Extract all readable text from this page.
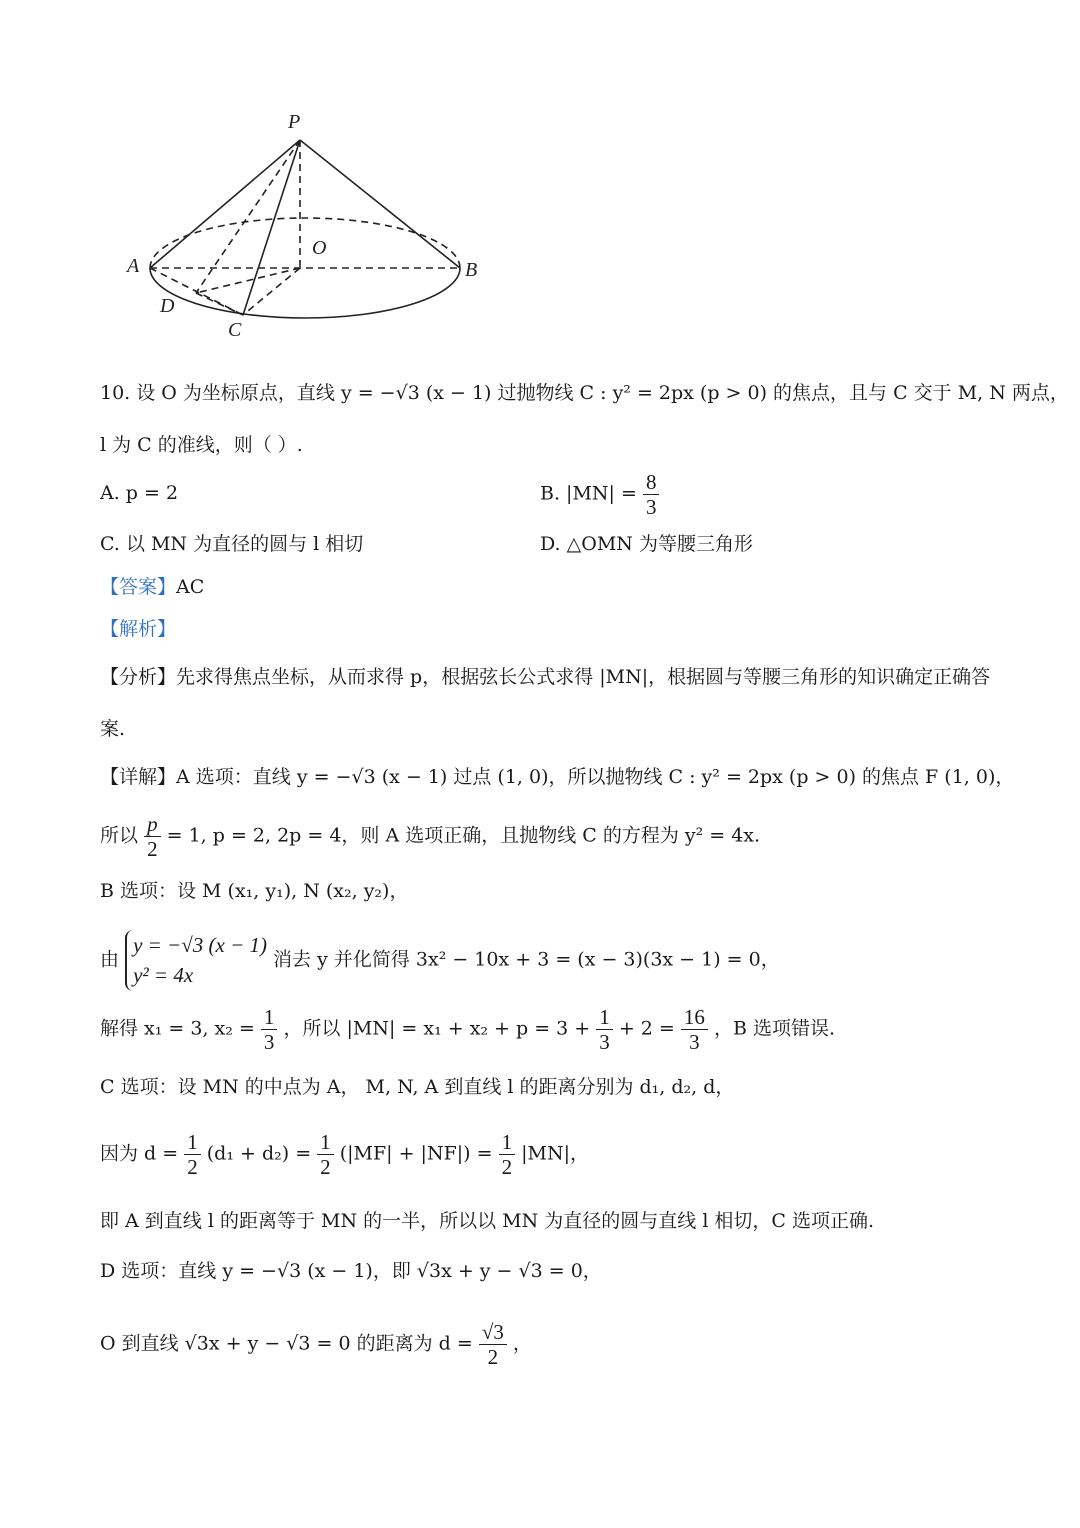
P
O
A	B
D
C
10. 设 O 为坐标原点，直线 y = −√3 (x − 1) 过抛物线 C : y² = 2px (p > 0) 的焦点，且与 C 交于 M, N 两点，
l 为 C 的准线，则（ ）.
A. p = 2	B. $|MN| = \frac{8}{3}$
C. 以 MN 为直径的圆与 l 相切	D. △OMN 为等腰三角形
【答案】AC
【解析】
【分析】先求得焦点坐标，从而求得 p，根据弦长公式求得 |MN|，根据圆与等腰三角形的知识确定正确答
案.
【详解】A 选项：直线 y = −√3 (x − 1) 过点 (1, 0)，所以抛物线 C : y² = 2px (p > 0) 的焦点 F (1, 0)，
所以 $\frac{p}{2} = 1$, p = 2, 2p = 4，则 A 选项正确，且抛物线 C 的方程为 y² = 4x.
B 选项：设 M (x₁, y₁), N (x₂, y₂)，
由
y = −√3 (x − 1)
y² = 4x
消去 y 并化简得 3x² − 10x + 3 = (x − 3)(3x − 1) = 0，
解得 x₁ = 3, $x_2 = \frac{1}{3}$ ，所以 $|MN| = x_1 + x_2 + p = 3 + \frac{1}{3} + 2 = \frac{16}{3}$ ，B 选项错误.
C 选项：设 MN 的中点为 A， M, N, A 到直线 l 的距离分别为 d₁, d₂, d，
因为 $d = \frac{1}{2} (d_1 + d_2) = \frac{1}{2} (|MF| + |NF|) = \frac{1}{2} |MN|$，
即 A 到直线 l 的距离等于 MN 的一半，所以以 MN 为直径的圆与直线 l 相切，C 选项正确.
D 选项：直线 y = −√3 (x − 1)，即 √3x + y − √3 = 0，
O 到直线 √3x + y − √3 = 0 的距离为 $d = \frac{√3}{2}$ ，
